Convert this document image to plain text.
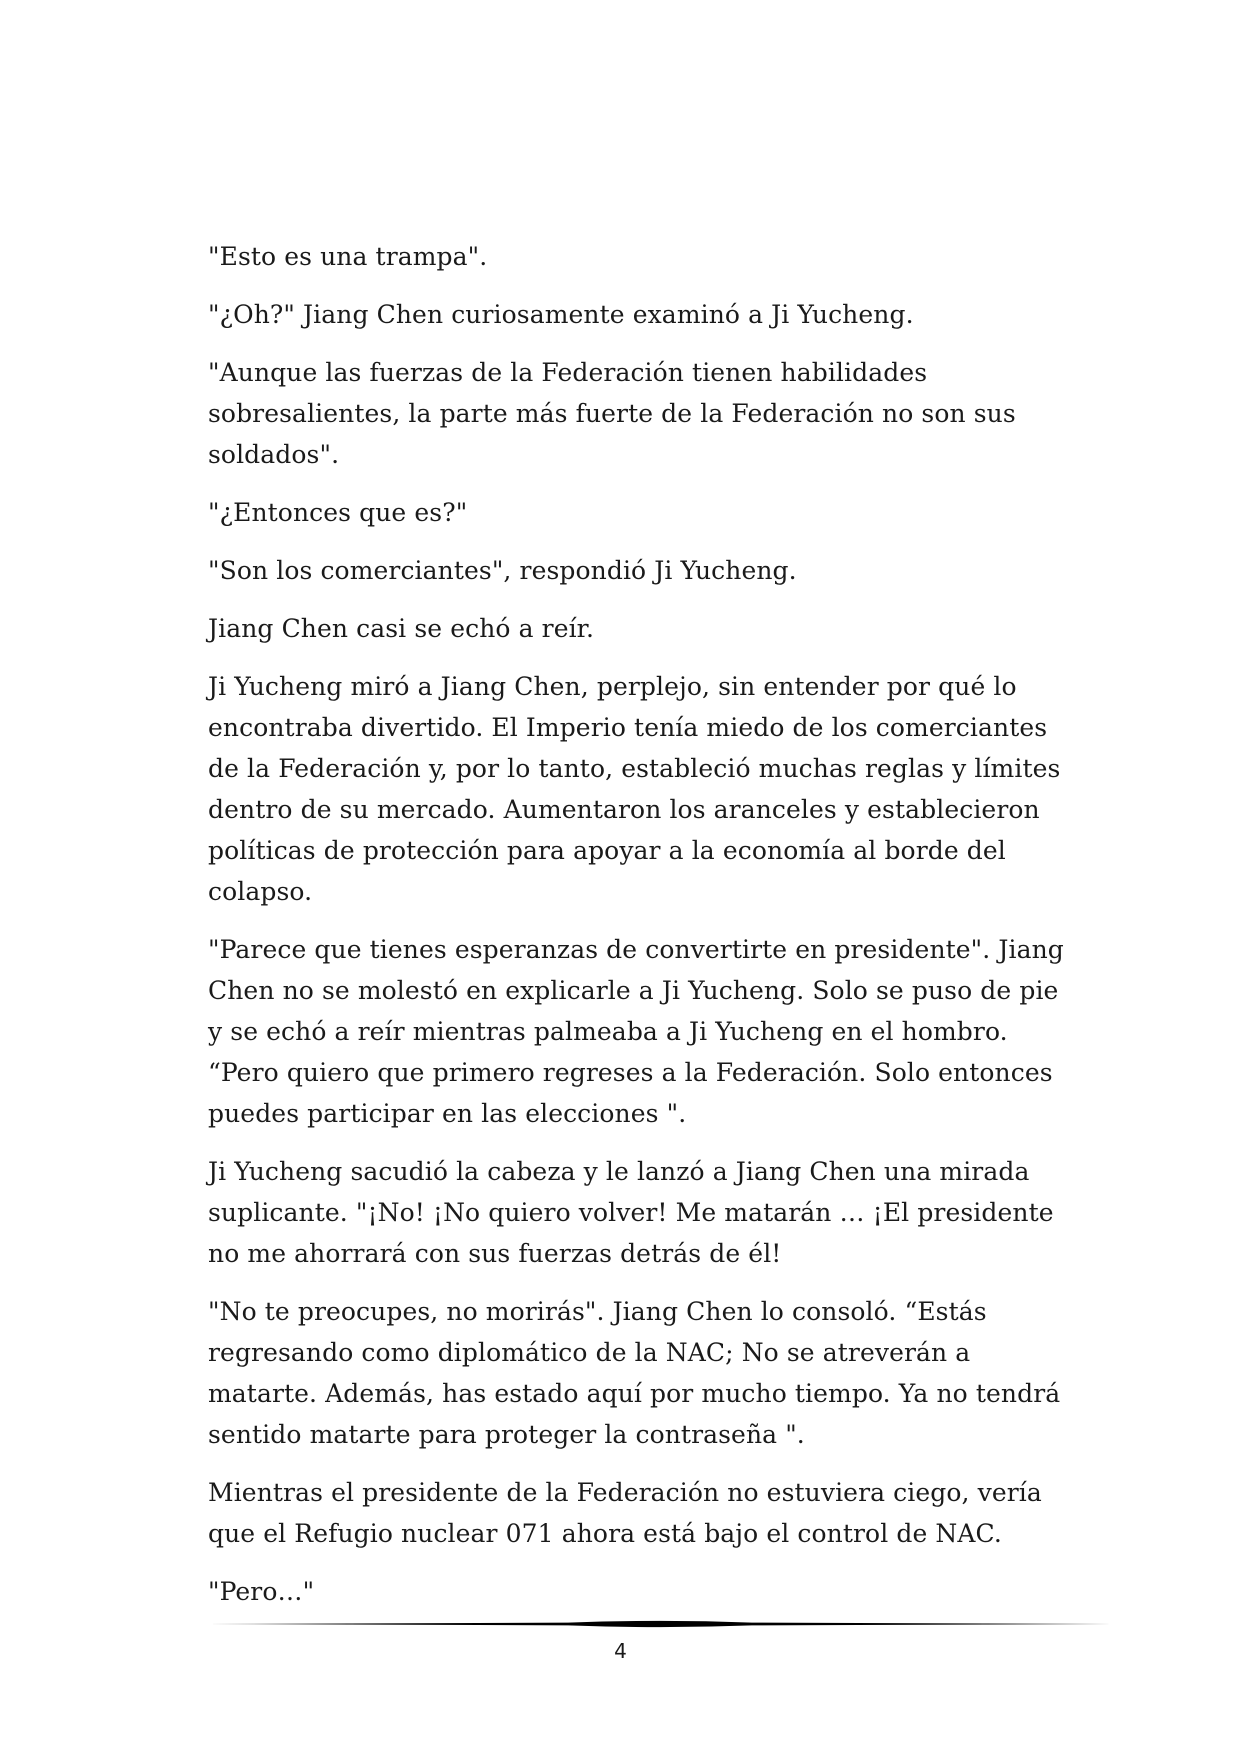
"Esto es una trampa".

"¿Oh?" Jiang Chen curiosamente examinó a Ji Yucheng.

"Aunque las fuerzas de la Federación tienen habilidades sobresalientes, la parte más fuerte de la Federación no son sus soldados".

"¿Entonces que es?"

"Son los comerciantes", respondió Ji Yucheng.

Jiang Chen casi se echó a reír.

Ji Yucheng miró a Jiang Chen, perplejo, sin entender por qué lo encontraba divertido. El Imperio tenía miedo de los comerciantes de la Federación y, por lo tanto, estableció muchas reglas y límites dentro de su mercado. Aumentaron los aranceles y establecieron políticas de protección para apoyar a la economía al borde del colapso.

"Parece que tienes esperanzas de convertirte en presidente". Jiang Chen no se molestó en explicarle a Ji Yucheng. Solo se puso de pie y se echó a reír mientras palmeaba a Ji Yucheng en el hombro. “Pero quiero que primero regreses a la Federación. Solo entonces puedes participar en las elecciones ".

Ji Yucheng sacudió la cabeza y le lanzó a Jiang Chen una mirada suplicante. "¡No! ¡No quiero volver! Me matarán … ¡El presidente no me ahorrará con sus fuerzas detrás de él!

"No te preocupes, no morirás". Jiang Chen lo consoló. “Estás regresando como diplomático de la NAC; No se atreverán a matarte. Además, has estado aquí por mucho tiempo. Ya no tendrá sentido matarte para proteger la contraseña ".

Mientras el presidente de la Federación no estuviera ciego, vería que el Refugio nuclear 071 ahora está bajo el control de NAC.

"Pero…"

4
